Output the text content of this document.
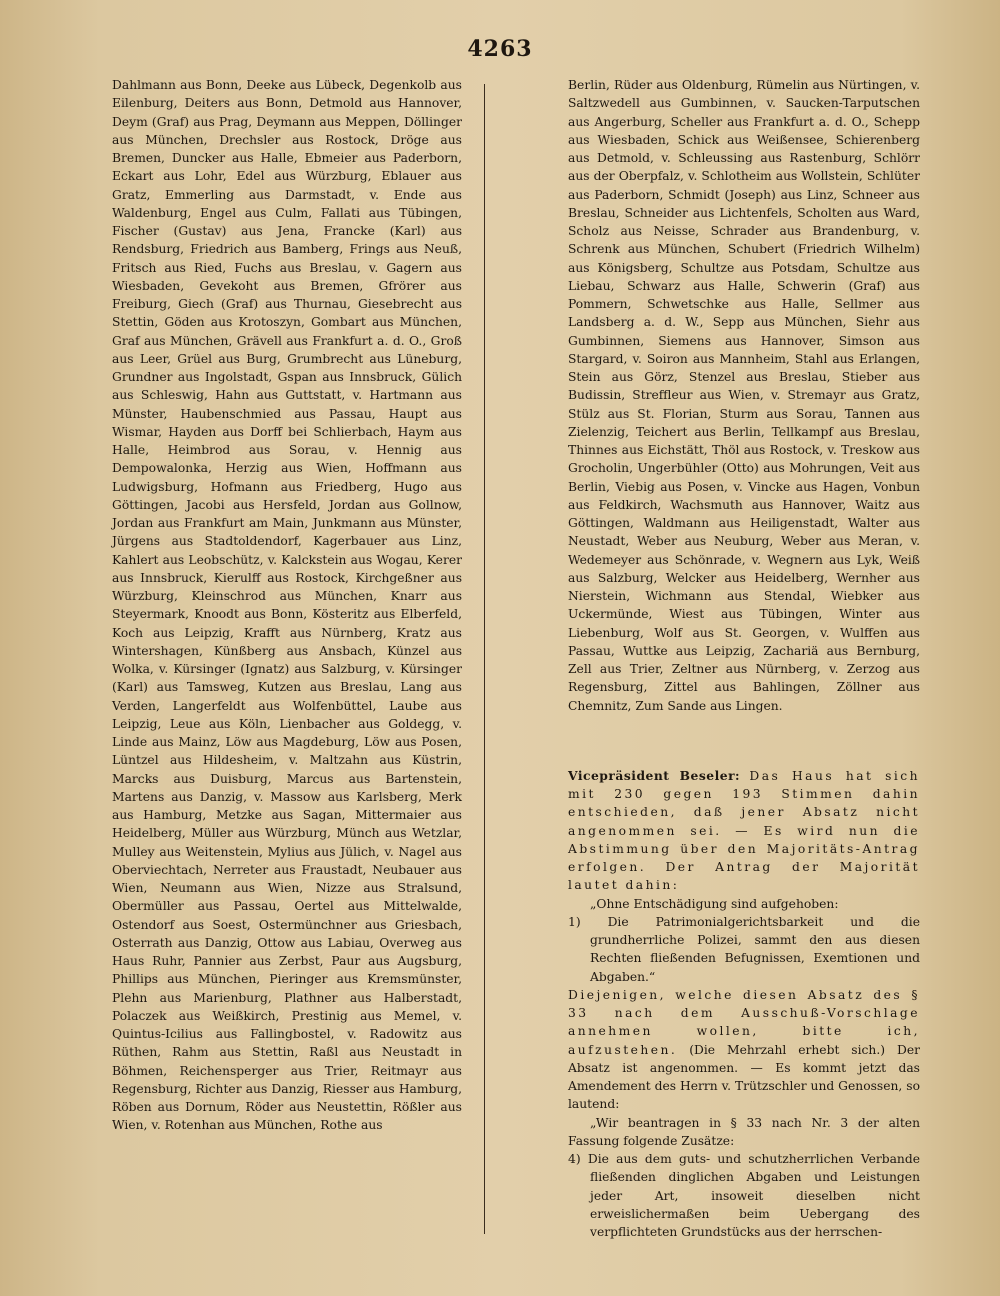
4263

Dahlmann aus Bonn, Deeke aus Lübeck, Degenkolb aus Eilenburg, Deiters aus Bonn, Detmold aus Hannover, Deym (Graf) aus Prag, Deymann aus Meppen, Döllinger aus München, Drechsler aus Rostock, Dröge aus Bremen, Duncker aus Halle, Ebmeier aus Paderborn, Eckart aus Lohr, Edel aus Würzburg, Eblauer aus Gratz, Emmerling aus Darmstadt, v. Ende aus Waldenburg, Engel aus Culm, Fallati aus Tübingen, Fischer (Gustav) aus Jena, Francke (Karl) aus Rendsburg, Friedrich aus Bamberg, Frings aus Neuß, Fritsch aus Ried, Fuchs aus Breslau, v. Gagern aus Wiesbaden, Gevekoht aus Bremen, Gfrörer aus Freiburg, Giech (Graf) aus Thurnau, Giesebrecht aus Stettin, Göden aus Krotoszyn, Gombart aus München, Graf aus München, Grävell aus Frankfurt a. d. O., Groß aus Leer, Grüel aus Burg, Grumbrecht aus Lüneburg, Grundner aus Ingolstadt, Gspan aus Innsbruck, Gülich aus Schleswig, Hahn aus Guttstatt, v. Hartmann aus Münster, Haubenschmied aus Passau, Haupt aus Wismar, Hayden aus Dorff bei Schlierbach, Haym aus Halle, Heimbrod aus Sorau, v. Hennig aus Dempowalonka, Herzig aus Wien, Hoffmann aus Ludwigsburg, Hofmann aus Friedberg, Hugo aus Göttingen, Jacobi aus Hersfeld, Jordan aus Gollnow, Jordan aus Frankfurt am Main, Junkmann aus Münster, Jürgens aus Stadtoldendorf, Kagerbauer aus Linz, Kahlert aus Leobschütz, v. Kalckstein aus Wogau, Kerer aus Innsbruck, Kierulff aus Rostock, Kirchgeßner aus Würzburg, Kleinschrod aus München, Knarr aus Steyermark, Knoodt aus Bonn, Kösteritz aus Elberfeld, Koch aus Leipzig, Krafft aus Nürnberg, Kratz aus Wintershagen, Künßberg aus Ansbach, Künzel aus Wolka, v. Kürsinger (Ignatz) aus Salzburg, v. Kürsinger (Karl) aus Tamsweg, Kutzen aus Breslau, Lang aus Verden, Langerfeldt aus Wolfenbüttel, Laube aus Leipzig, Leue aus Köln, Lienbacher aus Goldegg, v. Linde aus Mainz, Löw aus Magdeburg, Löw aus Posen, Lüntzel aus Hildesheim, v. Maltzahn aus Küstrin, Marcks aus Duisburg, Marcus aus Bartenstein, Martens aus Danzig, v. Massow aus Karlsberg, Merk aus Hamburg, Metzke aus Sagan, Mittermaier aus Heidelberg, Müller aus Würzburg, Münch aus Wetzlar, Mulley aus Weitenstein, Mylius aus Jülich, v. Nagel aus Oberviechtach, Nerreter aus Fraustadt, Neubauer aus Wien, Neumann aus Wien, Nizze aus Stralsund, Obermüller aus Passau, Oertel aus Mittelwalde, Ostendorf aus Soest, Ostermünchner aus Griesbach, Osterrath aus Danzig, Ottow aus Labiau, Overweg aus Haus Ruhr, Pannier aus Zerbst, Paur aus Augsburg, Phillips aus München, Pieringer aus Kremsmünster, Plehn aus Marienburg, Plathner aus Halberstadt, Polaczek aus Weißkirch, Prestinig aus Memel, v. Quintus-Icilius aus Fallingbostel, v. Radowitz aus Rüthen, Rahm aus Stettin, Raßl aus Neustadt in Böhmen, Reichensperger aus Trier, Reitmayr aus Regensburg, Richter aus Danzig, Riesser aus Hamburg, Röben aus Dornum, Röder aus Neustettin, Rößler aus Wien, v. Rotenhan aus München, Rothe aus

Berlin, Rüder aus Oldenburg, Rümelin aus Nürtingen, v. Saltzwedell aus Gumbinnen, v. Saucken-Tarputschen aus Angerburg, Scheller aus Frankfurt a. d. O., Schepp aus Wiesbaden, Schick aus Weißensee, Schierenberg aus Detmold, v. Schleussing aus Rastenburg, Schlörr aus der Oberpfalz, v. Schlotheim aus Wollstein, Schlüter aus Paderborn, Schmidt (Joseph) aus Linz, Schneer aus Breslau, Schneider aus Lichtenfels, Scholten aus Ward, Scholz aus Neisse, Schrader aus Brandenburg, v. Schrenk aus München, Schubert (Friedrich Wilhelm) aus Königsberg, Schultze aus Potsdam, Schultze aus Liebau, Schwarz aus Halle, Schwerin (Graf) aus Pommern, Schwetschke aus Halle, Sellmer aus Landsberg a. d. W., Sepp aus München, Siehr aus Gumbinnen, Siemens aus Hannover, Simson aus Stargard, v. Soiron aus Mannheim, Stahl aus Erlangen, Stein aus Görz, Stenzel aus Breslau, Stieber aus Budissin, Streffleur aus Wien, v. Stremayr aus Gratz, Stülz aus St. Florian, Sturm aus Sorau, Tannen aus Zielenzig, Teichert aus Berlin, Tellkampf aus Breslau, Thinnes aus Eichstätt, Thöl aus Rostock, v. Treskow aus Grocholin, Ungerbühler (Otto) aus Mohrungen, Veit aus Berlin, Viebig aus Posen, v. Vincke aus Hagen, Vonbun aus Feldkirch, Wachsmuth aus Hannover, Waitz aus Göttingen, Waldmann aus Heiligenstadt, Walter aus Neustadt, Weber aus Neuburg, Weber aus Meran, v. Wedemeyer aus Schönrade, v. Wegnern aus Lyk, Weiß aus Salzburg, Welcker aus Heidelberg, Wernher aus Nierstein, Wichmann aus Stendal, Wiebker aus Uckermünde, Wiest aus Tübingen, Winter aus Liebenburg, Wolf aus St. Georgen, v. Wulffen aus Passau, Wuttke aus Leipzig, Zachariä aus Bernburg, Zell aus Trier, Zeltner aus Nürnberg, v. Zerzog aus Regensburg, Zittel aus Bahlingen, Zöllner aus Chemnitz, Zum Sande aus Lingen.

Vicepräsident Beseler: Das Haus hat sich mit 230 gegen 193 Stimmen dahin entschieden, daß jener Absatz nicht angenommen sei. — Es wird nun die Abstimmung über den Majoritäts-Antrag erfolgen. Der Antrag der Majorität lautet dahin:

„Ohne Entschädigung sind aufgehoben:

1) Die Patrimonialgerichtsbarkeit und die grundherrliche Polizei, sammt den aus diesen Rechten fließenden Befugnissen, Exemtionen und Abgaben.“

Diejenigen, welche diesen Absatz des § 33 nach dem Ausschuß-Vorschlage annehmen wollen, bitte ich, aufzustehen. (Die Mehrzahl erhebt sich.) Der Absatz ist angenommen. — Es kommt jetzt das Amendement des Herrn v. Trützschler und Genossen, so lautend:

„Wir beantragen in § 33 nach Nr. 3 der alten Fassung folgende Zusätze:

4) Die aus dem guts- und schutzherrlichen Verbande fließenden dinglichen Abgaben und Leistungen jeder Art, insoweit dieselben nicht erweislichermaßen beim Uebergang des verpflichteten Grundstücks aus der herrschen-
